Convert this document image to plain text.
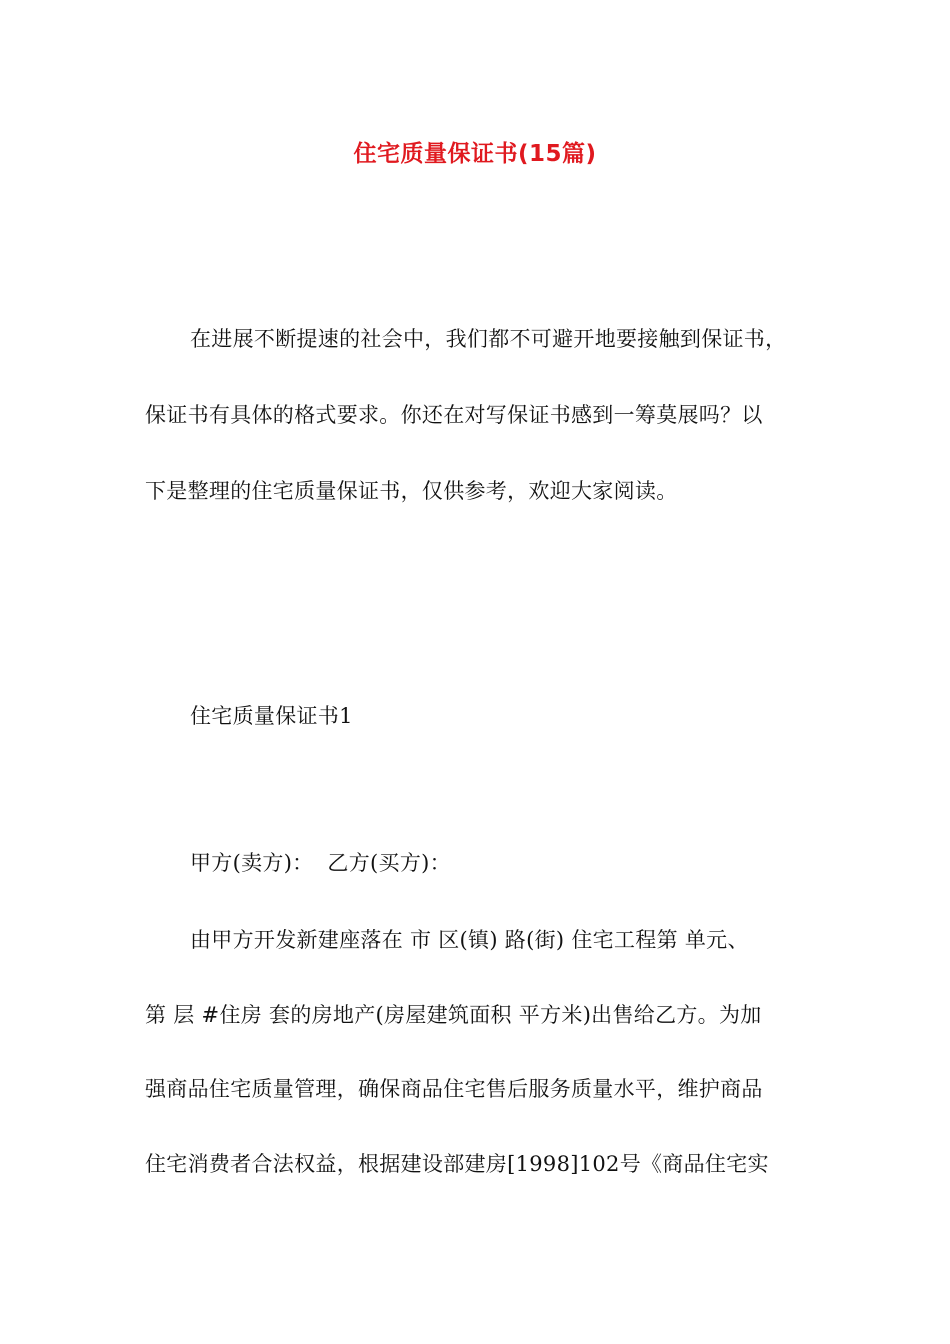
住宅质量保证书(15篇)
在进展不断提速的社会中，我们都不可避开地要接触到保证书，
保证书有具体的格式要求。你还在对写保证书感到一筹莫展吗？以
下是整理的住宅质量保证书，仅供参考，欢迎大家阅读。
住宅质量保证书1
甲方(卖方)：  乙方(买方)：
由甲方开发新建座落在 市 区(镇) 路(街) 住宅工程第 单元、
第 层 #住房 套的房地产(房屋建筑面积 平方米)出售给乙方。为加
强商品住宅质量管理，确保商品住宅售后服务质量水平，维护商品
住宅消费者合法权益，根据建设部建房[1998]102号《商品住宅实
